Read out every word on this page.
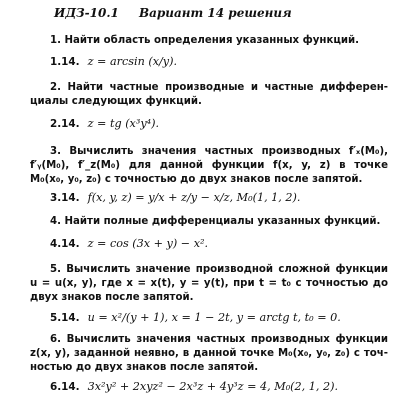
ИДЗ-10.1 Вариант 14 решения
1. Найти область определения указанных функций.
1.14. z = arcsin (x/y).
2. Найти частные производные и частные дифферен-
циалы следующих функций.
2.14. z = tg (x³y⁴).
3. Вычислить значения частных производных f′ₓ(M₀),
f′ᵧ(M₀), f′_z(M₀) для данной функции f(x, y, z) в точке
M₀(x₀, y₀, z₀) с точностью до двух знаков после запятой.
3.14. f(x, y, z) = y/x + z/y − x/z, M₀(1, 1, 2).
4. Найти полные дифференциалы указанных функций.
4.14. z = cos (3x + y) − x².
5. Вычислить значение производной сложной функции
u = u(x, y), где x = x(t), y = y(t), при t = t₀ с точностью до
двух знаков после запятой.
5.14. u = x²/(y + 1), x = 1 − 2t, y = arctg t, t₀ = 0.
6. Вычислить значения частных производных функции
z(x, y), заданной неявно, в данной точке M₀(x₀, y₀, z₀) с точ-
ностью до двух знаков после запятой.
6.14. 3x²y² + 2xyz² − 2x³z + 4y³z = 4, M₀(2, 1, 2).
